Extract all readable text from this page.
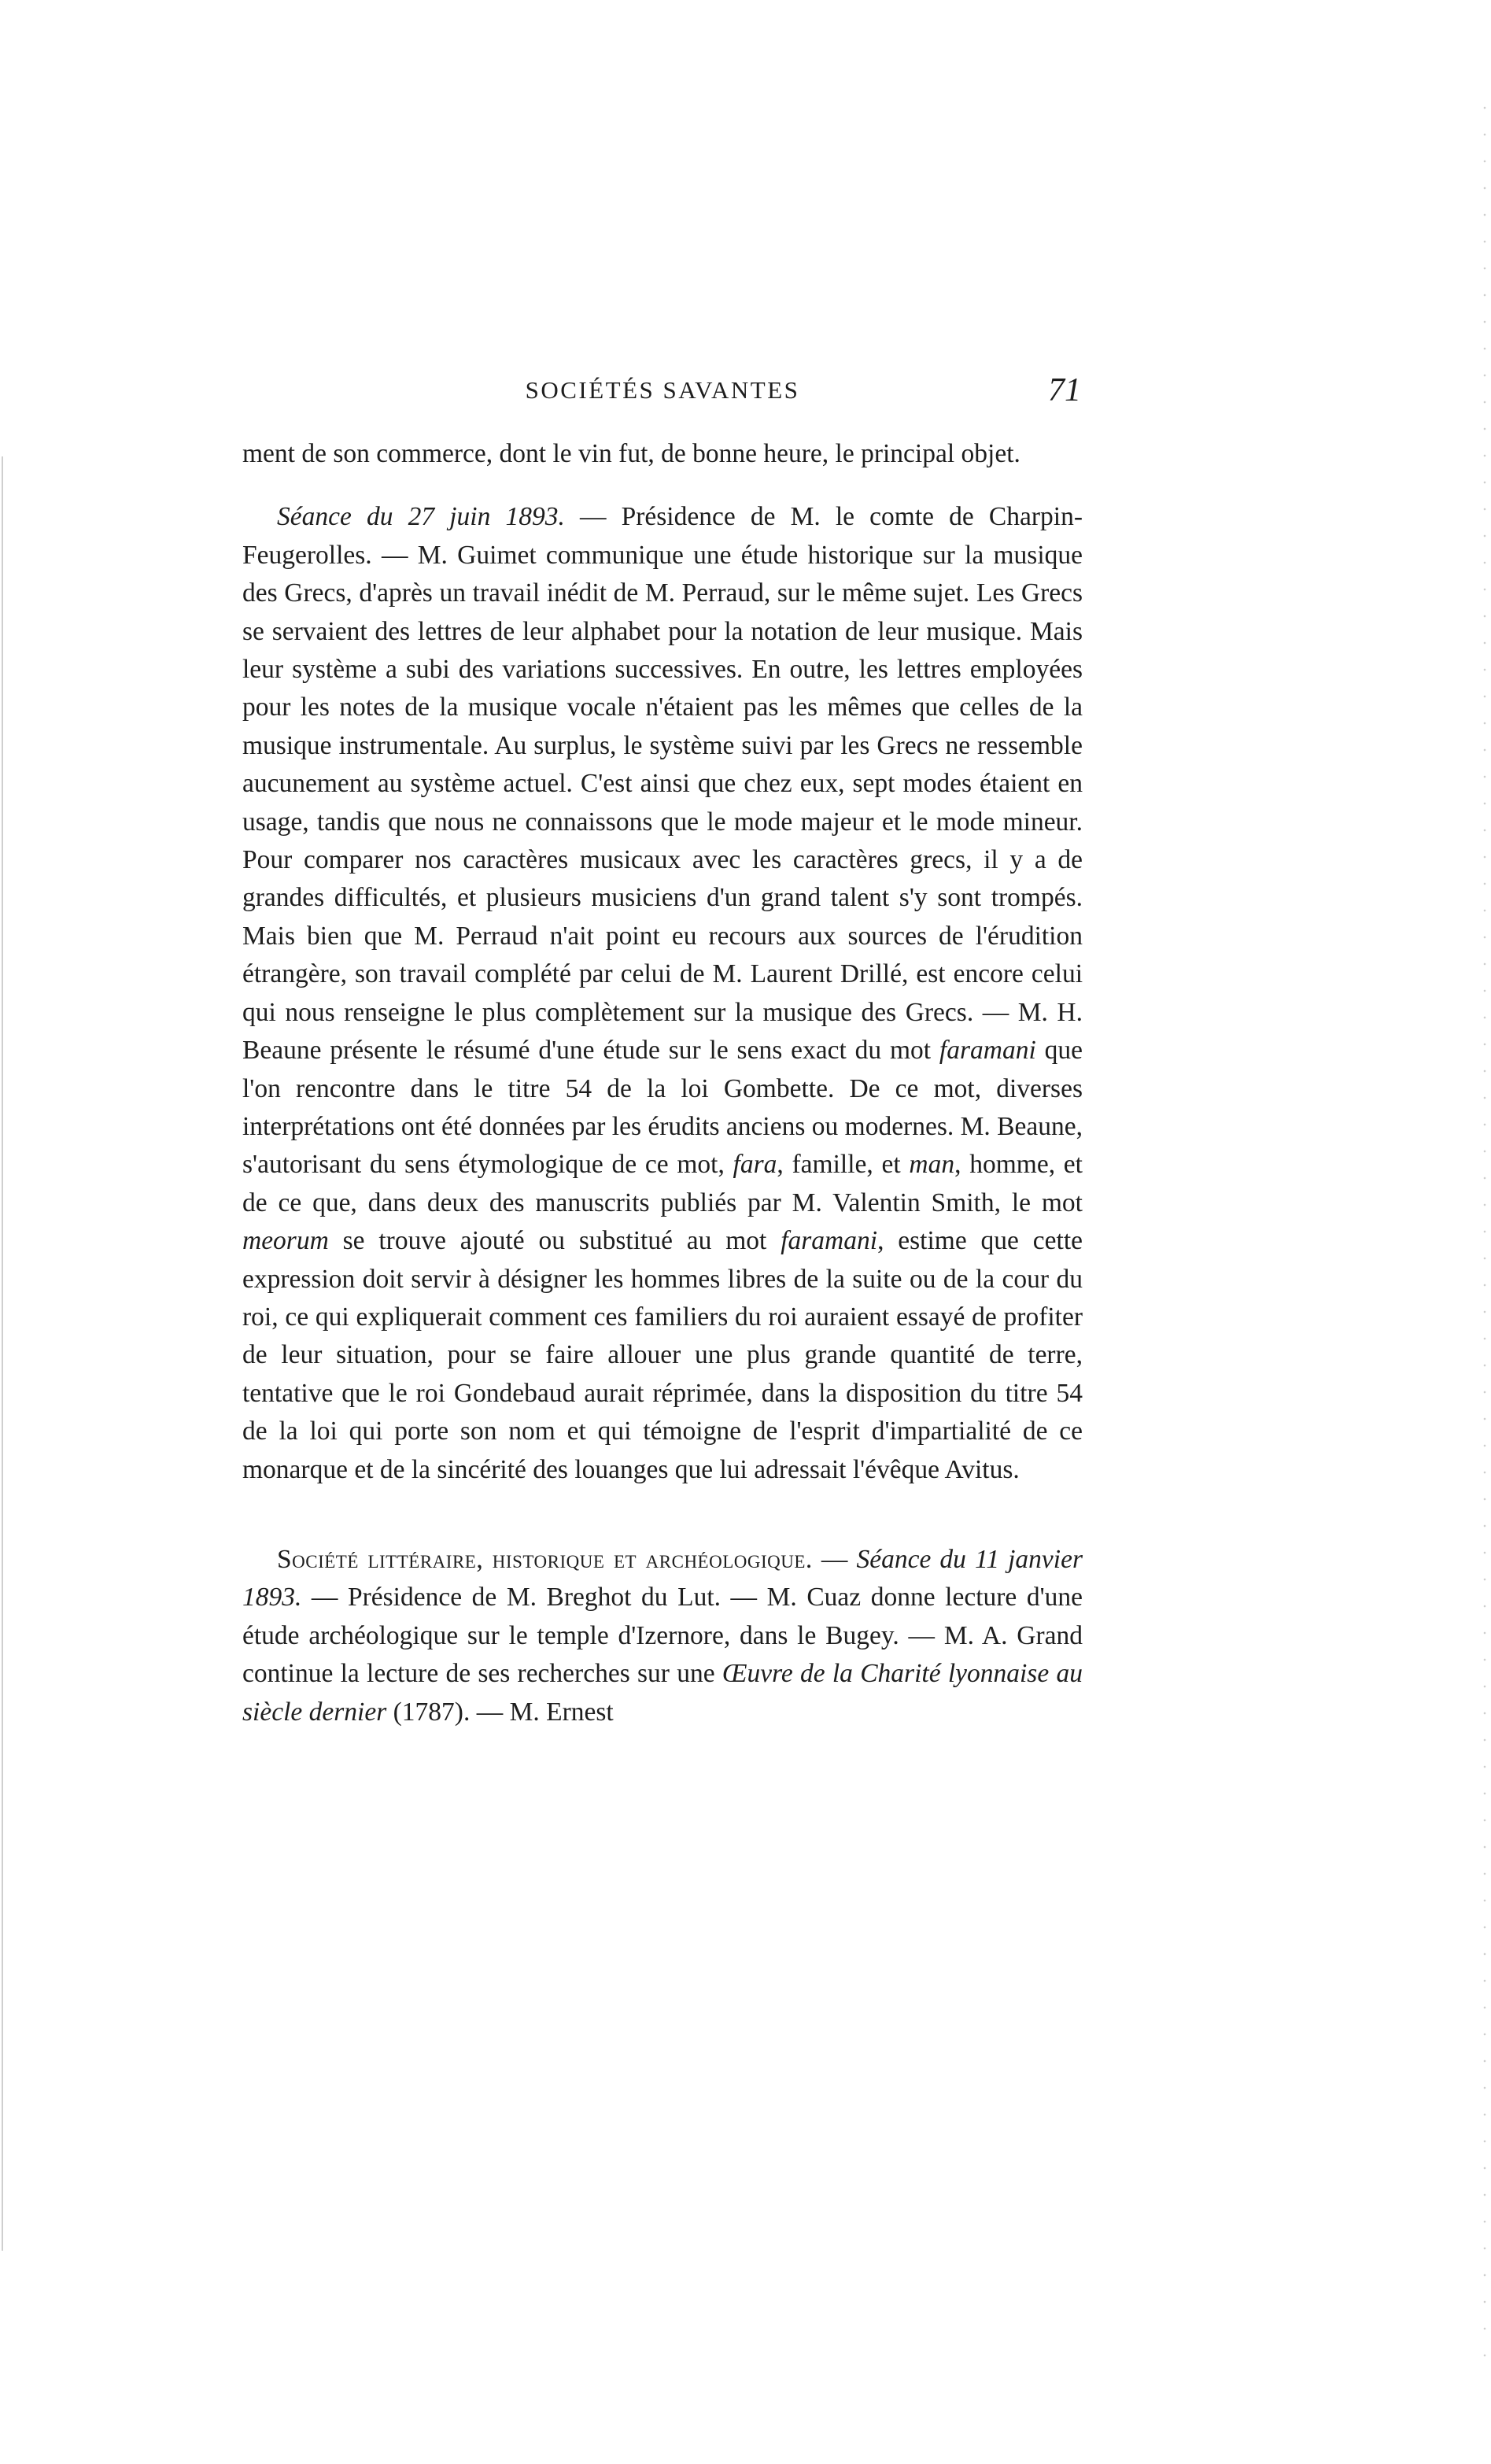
SOCIÉTÉS SAVANTES	71

ment de son commerce, dont le vin fut, de bonne heure, le principal objet.

Séance du 27 juin 1893. — Présidence de M. le comte de Charpin-Feugerolles. — M. Guimet communique une étude historique sur la musique des Grecs, d'après un travail inédit de M. Perraud, sur le même sujet. Les Grecs se servaient des lettres de leur alphabet pour la notation de leur musique. Mais leur système a subi des variations successives. En outre, les lettres employées pour les notes de la musique vocale n'étaient pas les mêmes que celles de la musique instrumentale. Au surplus, le système suivi par les Grecs ne ressemble aucunement au système actuel. C'est ainsi que chez eux, sept modes étaient en usage, tandis que nous ne connaissons que le mode majeur et le mode mineur. Pour comparer nos caractères musicaux avec les caractères grecs, il y a de grandes difficultés, et plusieurs musiciens d'un grand talent s'y sont trompés. Mais bien que M. Perraud n'ait point eu recours aux sources de l'érudition étrangère, son travail complété par celui de M. Laurent Drillé, est encore celui qui nous renseigne le plus complètement sur la musique des Grecs. — M. H. Beaune présente le résumé d'une étude sur le sens exact du mot faramani que l'on rencontre dans le titre 54 de la loi Gombette. De ce mot, diverses interprétations ont été données par les érudits anciens ou modernes. M. Beaune, s'autorisant du sens étymologique de ce mot, fara, famille, et man, homme, et de ce que, dans deux des manuscrits publiés par M. Valentin Smith, le mot meorum se trouve ajouté ou substitué au mot faramani, estime que cette expression doit servir à désigner les hommes libres de la suite ou de la cour du roi, ce qui expliquerait comment ces familiers du roi auraient essayé de profiter de leur situation, pour se faire allouer une plus grande quantité de terre, tentative que le roi Gondebaud aurait réprimée, dans la disposition du titre 54 de la loi qui porte son nom et qui témoigne de l'esprit d'impartialité de ce monarque et de la sincérité des louanges que lui adressait l'évêque Avitus.

Société littéraire, historique et archéologique. — Séance du 11 janvier 1893. — Présidence de M. Breghot du Lut. — M. Cuaz donne lecture d'une étude archéologique sur le temple d'Izernore, dans le Bugey. — M. A. Grand continue la lecture de ses recherches sur une Œuvre de la Charité lyonnaise au siècle dernier (1787). — M. Ernest
